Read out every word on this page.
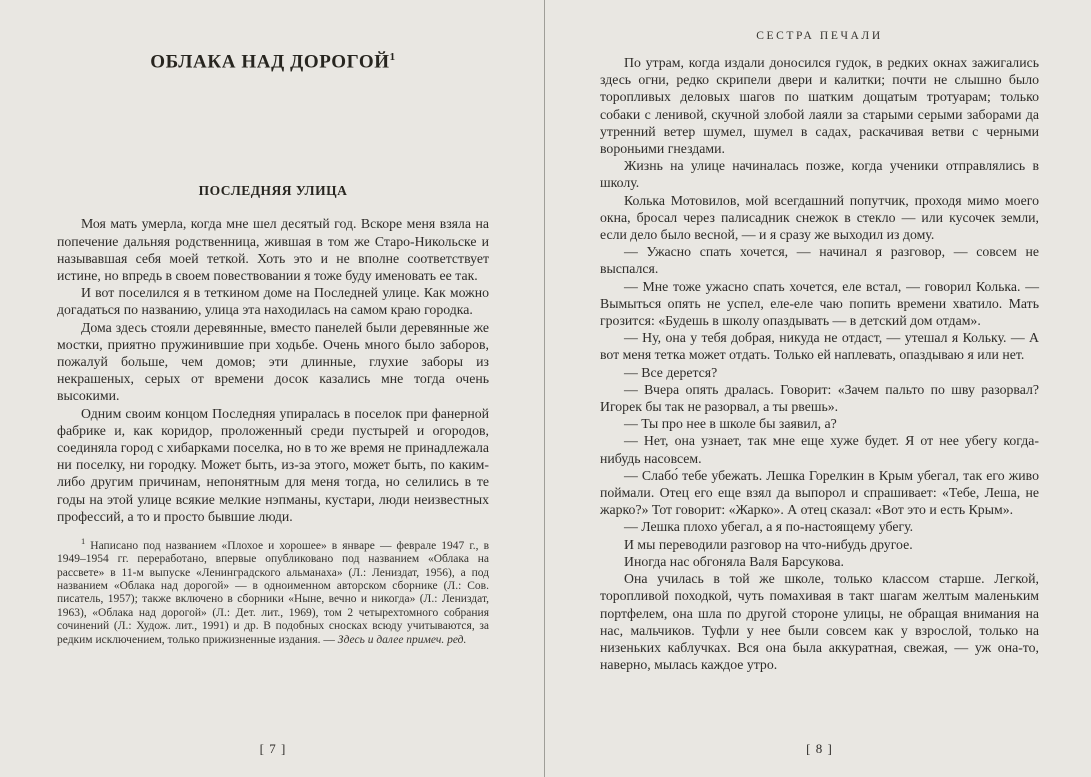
ОБЛАКА НАД ДОРОГОЙ$^1$
ПОСЛЕДНЯЯ УЛИЦА

Моя мать умерла, когда мне шел десятый год. Вскоре меня взяла на попечение дальняя родственница, жившая в том же Старо-Никольске и называвшая себя моей теткой. Хоть это и не вполне соответствует истине, но впредь в своем повествовании я тоже буду именовать ее так.

И вот поселился я в теткином доме на Последней улице. Как можно догадаться по названию, улица эта находилась на самом краю городка.

Дома здесь стояли деревянные, вместо панелей были деревянные же мостки, приятно пружинившие при ходьбе. Очень много было заборов, пожалуй больше, чем домов; эти длинные, глухие заборы из некрашеных, серых от времени досок казались мне тогда очень высокими.

Одним своим концом Последняя упиралась в поселок при фанерной фабрике и, как коридор, проложенный среди пустырей и огородов, соединяла город с хибарками поселка, но в то же время не принадлежала ни поселку, ни городку. Может быть, из-за этого, может быть, по каким-либо другим причинам, непонятным для меня тогда, но селились в те годы на этой улице всякие мелкие нэпманы, кустари, люди неизвестных профессий, а то и просто бывшие люди.

$^1$ Написано под названием «Плохое и хорошее» в январе — феврале 1947 г., в 1949–1954 гг. переработано, впервые опубликовано под названием «Облака на рассвете» в 11-м выпуске «Ленинградского альманаха» (Л.: Лениздат, 1956), а под названием «Облака над дорогой» — в одноименном авторском сборнике (Л.: Сов. писатель, 1957); также включено в сборники «Ныне, вечно и никогда» (Л.: Лениздат, 1963), «Облака над дорогой» (Л.: Дет. лит., 1969), том 2 четырехтомного собрания сочинений (Л.: Худож. лит., 1991) и др. В подобных сносках всюду учитываются, за редким исключением, только прижизненные издания. — Здесь и далее примеч. ред.

[ 7 ]
СЕСТРА ПЕЧАЛИ

По утрам, когда издали доносился гудок, в редких окнах зажигались здесь огни, редко скрипели двери и калитки; почти не слышно было торопливых деловых шагов по шатким дощатым тротуарам; только собаки с ленивой, скучной злобой лаяли за старыми серыми заборами да утренний ветер шумел, шумел в садах, раскачивая ветви с черными вороньими гнездами.

Жизнь на улице начиналась позже, когда ученики отправлялись в школу.

Колька Мотовилов, мой всегдашний попутчик, проходя мимо моего окна, бросал через палисадник снежок в стекло — или кусочек земли, если дело было весной, — и я сразу же выходил из дому.

— Ужасно спать хочется, — начинал я разговор, — совсем не выспался.

— Мне тоже ужасно спать хочется, еле встал, — говорил Колька. — Вымыться опять не успел, еле-еле чаю попить времени хватило. Мать грозится: «Будешь в школу опаздывать — в детский дом отдам».

— Ну, она у тебя добрая, никуда не отдаст, — утешал я Кольку. — А вот меня тетка может отдать. Только ей наплевать, опаздываю я или нет.

— Все дерется?

— Вчера опять дралась. Говорит: «Зачем пальто по шву разорвал? Игорек бы так не разорвал, а ты рвешь».

— Ты про нее в школе бы заявил, а?

— Нет, она узнает, так мне еще хуже будет. Я от нее убегу когда-нибудь насовсем.

— Слабо́ тебе убежать. Лешка Горелкин в Крым убегал, так его живо поймали. Отец его еще взял да выпорол и спрашивает: «Тебе, Леша, не жарко?» Тот говорит: «Жарко». А отец сказал: «Вот это и есть Крым».

— Лешка плохо убегал, а я по-настоящему убегу.

И мы переводили разговор на что-нибудь другое.

Иногда нас обгоняла Валя Барсукова.

Она училась в той же школе, только классом старше. Легкой, торопливой походкой, чуть помахивая в такт шагам желтым маленьким портфелем, она шла по другой стороне улицы, не обращая внимания на нас, мальчиков. Туфли у нее были совсем как у взрослой, только на низеньких каблучках. Вся она была аккуратная, свежая, — уж она-то, наверно, мылась каждое утро.

[ 8 ]
